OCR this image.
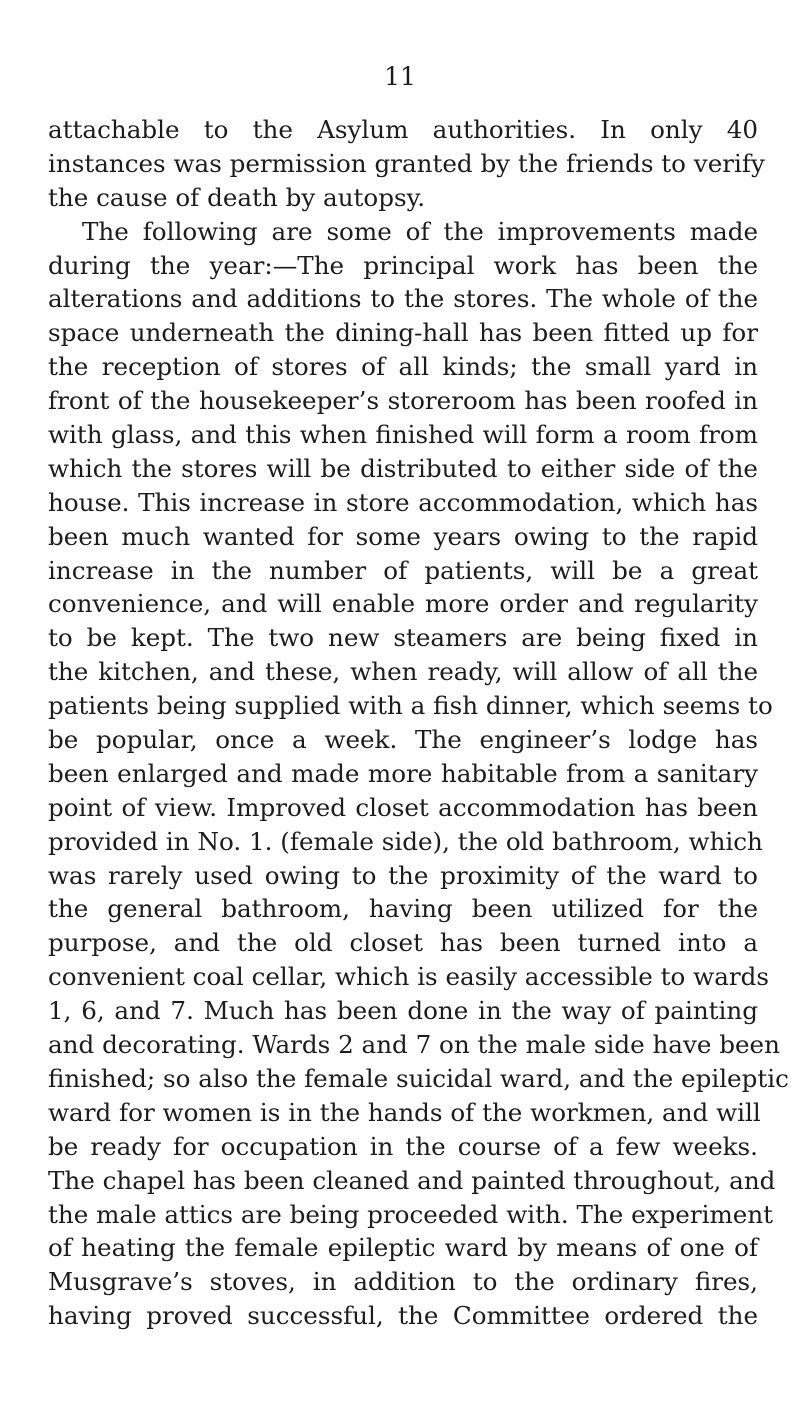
11
attachable to the Asylum authorities. In only 40
instances was permission granted by the friends to verify
the cause of death by autopsy.
The following are some of the improvements made
during the year:—The principal work has been the
alterations and additions to the stores. The whole of the
space underneath the dining-hall has been fitted up for
the reception of stores of all kinds; the small yard in
front of the housekeeper’s storeroom has been roofed in
with glass, and this when finished will form a room from
which the stores will be distributed to either side of the
house. This increase in store accommodation, which has
been much wanted for some years owing to the rapid
increase in the number of patients, will be a great
convenience, and will enable more order and regularity
to be kept. The two new steamers are being fixed in
the kitchen, and these, when ready, will allow of all the
patients being supplied with a fish dinner, which seems to
be popular, once a week. The engineer’s lodge has
been enlarged and made more habitable from a sanitary
point of view. Improved closet accommodation has been
provided in No. 1. (female side), the old bathroom, which
was rarely used owing to the proximity of the ward to
the general bathroom, having been utilized for the
purpose, and the old closet has been turned into a
convenient coal cellar, which is easily accessible to wards
1, 6, and 7. Much has been done in the way of painting
and decorating. Wards 2 and 7 on the male side have been
finished; so also the female suicidal ward, and the epileptic
ward for women is in the hands of the workmen, and will
be ready for occupation in the course of a few weeks.
The chapel has been cleaned and painted throughout, and
the male attics are being proceeded with. The experiment
of heating the female epileptic ward by means of one of
Musgrave’s stoves, in addition to the ordinary fires,
having proved successful, the Committee ordered the
